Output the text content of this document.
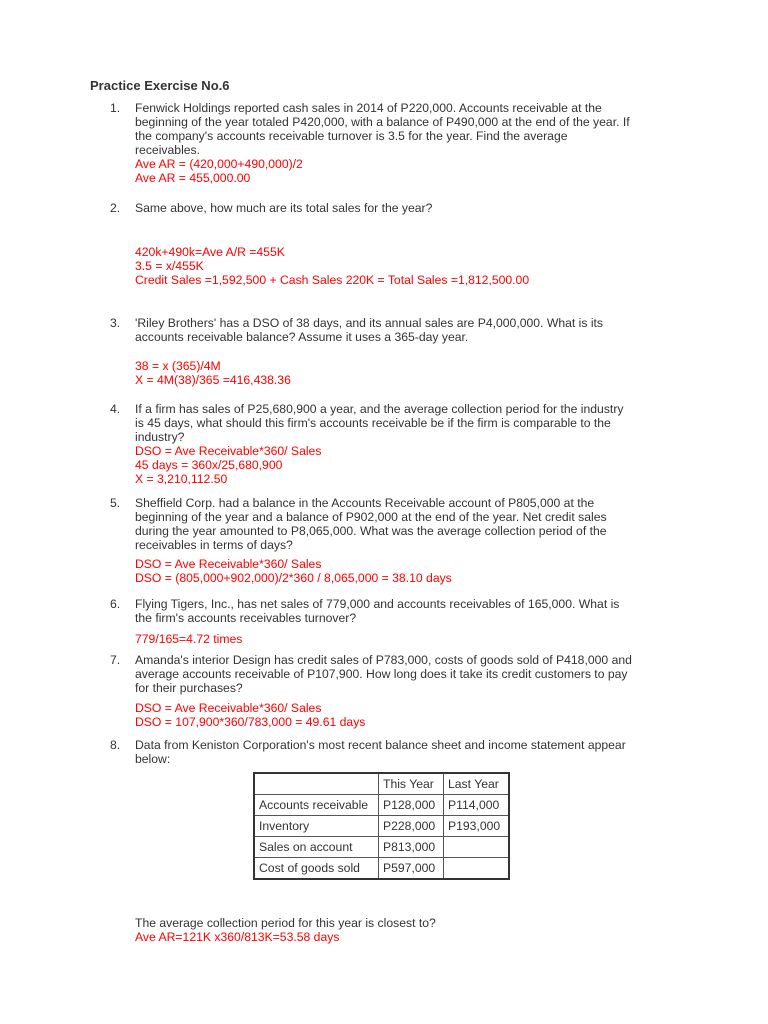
Practice Exercise No.6
1. Fenwick Holdings reported cash sales in 2014 of P220,000. Accounts receivable at the
beginning of the year totaled P420,000, with a balance of P490,000 at the end of the year. If
the company's accounts receivable turnover is 3.5 for the year. Find the average
receivables.
Ave AR = (420,000+490,000)/2
Ave AR = 455,000.00
2. Same above, how much are its total sales for the year?
420k+490k=Ave A/R =455K
3.5 = x/455K
Credit Sales =1,592,500 + Cash Sales 220K = Total Sales =1,812,500.00
3. 'Riley Brothers' has a DSO of 38 days, and its annual sales are P4,000,000. What is its
accounts receivable balance? Assume it uses a 365-day year.
38 = x (365)/4M
X = 4M(38)/365 =416,438.36
4. If a firm has sales of P25,680,900 a year, and the average collection period for the industry
is 45 days, what should this firm's accounts receivable be if the firm is comparable to the
industry?
DSO = Ave Receivable*360/ Sales
45 days = 360x/25,680,900
X = 3,210,112.50
5. Sheffield Corp. had a balance in the Accounts Receivable account of P805,000 at the
beginning of the year and a balance of P902,000 at the end of the year. Net credit sales
during the year amounted to P8,065,000. What was the average collection period of the
receivables in terms of days?
DSO = Ave Receivable*360/ Sales
DSO = (805,000+902,000)/2*360 / 8,065,000 = 38.10 days
6. Flying Tigers, Inc., has net sales of 779,000 and accounts receivables of 165,000. What is
the firm's accounts receivables turnover?
779/165=4.72 times
7. Amanda's interior Design has credit sales of P783,000, costs of goods sold of P418,000 and
average accounts receivable of P107,900. How long does it take its credit customers to pay
for their purchases?
DSO = Ave Receivable*360/ Sales
DSO = 107,900*360/783,000 = 49.61 days
8. Data from Keniston Corporation's most recent balance sheet and income statement appear
below:
	This Year	Last Year
Accounts receivable	P128,000	P114,000
Inventory	P228,000	P193,000
Sales on account	P813,000	
Cost of goods sold	P597,000	
The average collection period for this year is closest to?
Ave AR=121K x360/813K=53.58 days
